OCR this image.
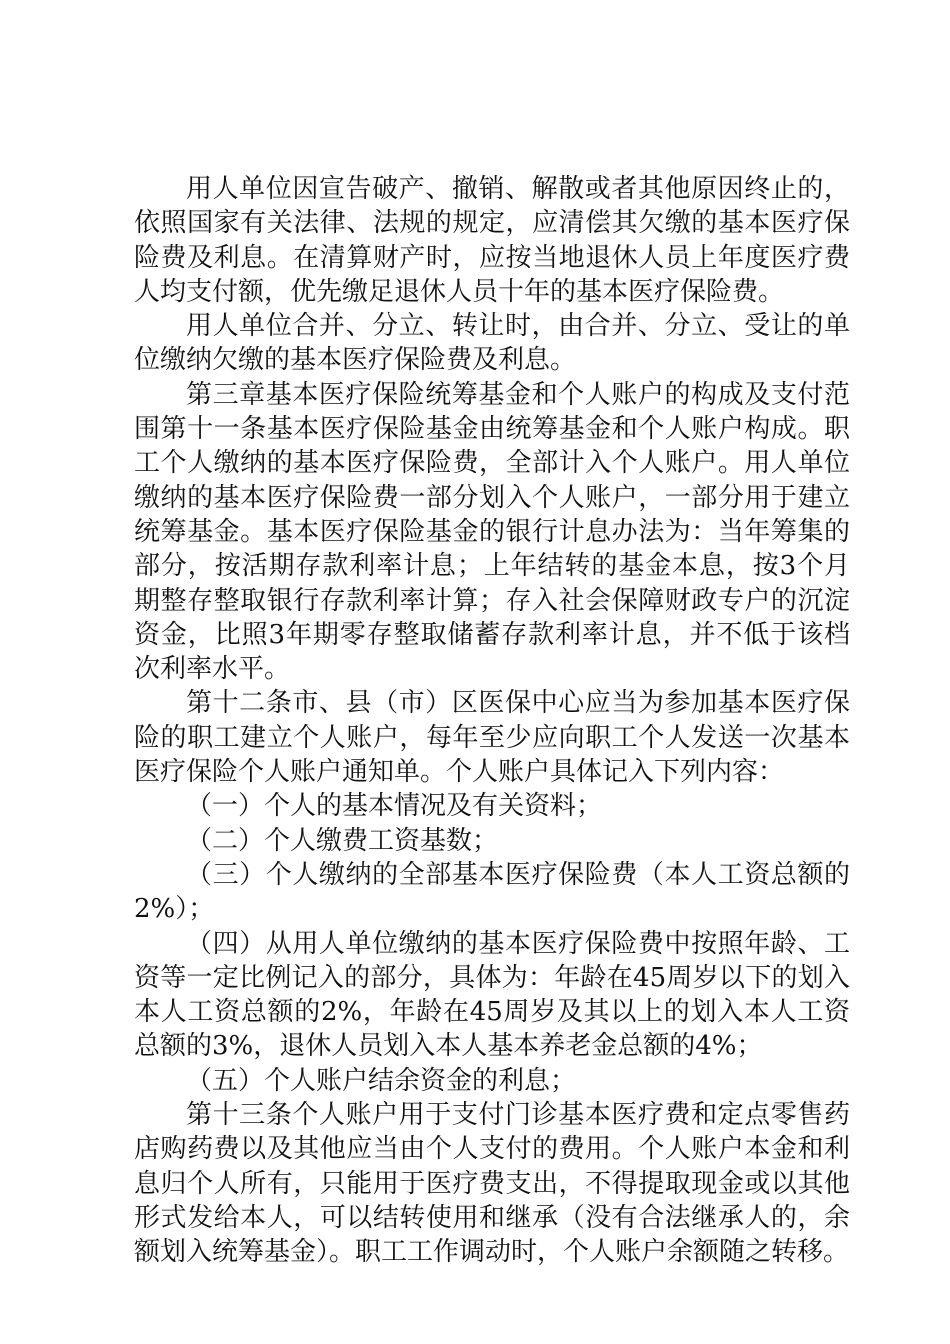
用人单位因宣告破产、撤销、解散或者其他原因终止的，依照国家有关法律、法规的规定，应清偿其欠缴的基本医疗保险费及利息。在清算财产时，应按当地退休人员上年度医疗费人均支付额，优先缴足退休人员十年的基本医疗保险费。

用人单位合并、分立、转让时，由合并、分立、受让的单位缴纳欠缴的基本医疗保险费及利息。

第三章基本医疗保险统筹基金和个人账户的构成及支付范围第十一条基本医疗保险基金由统筹基金和个人账户构成。职工个人缴纳的基本医疗保险费，全部计入个人账户。用人单位缴纳的基本医疗保险费一部分划入个人账户，一部分用于建立统筹基金。基本医疗保险基金的银行计息办法为：当年筹集的部分，按活期存款利率计息；上年结转的基金本息，按3个月期整存整取银行存款利率计算；存入社会保障财政专户的沉淀资金，比照3年期零存整取储蓄存款利率计息，并不低于该档次利率水平。

第十二条市、县（市）区医保中心应当为参加基本医疗保险的职工建立个人账户，每年至少应向职工个人发送一次基本医疗保险个人账户通知单。个人账户具体记入下列内容：

（一）个人的基本情况及有关资料；

（二）个人缴费工资基数；

（三）个人缴纳的全部基本医疗保险费（本人工资总额的2%）；

（四）从用人单位缴纳的基本医疗保险费中按照年龄、工资等一定比例记入的部分，具体为：年龄在45周岁以下的划入本人工资总额的2%，年龄在45周岁及其以上的划入本人工资总额的3%，退休人员划入本人基本养老金总额的4%；

（五）个人账户结余资金的利息；

第十三条个人账户用于支付门诊基本医疗费和定点零售药店购药费以及其他应当由个人支付的费用。个人账户本金和利息归个人所有，只能用于医疗费支出，不得提取现金或以其他形式发给本人，可以结转使用和继承（没有合法继承人的，余额划入统筹基金）。职工工作调动时，个人账户余额随之转移。
